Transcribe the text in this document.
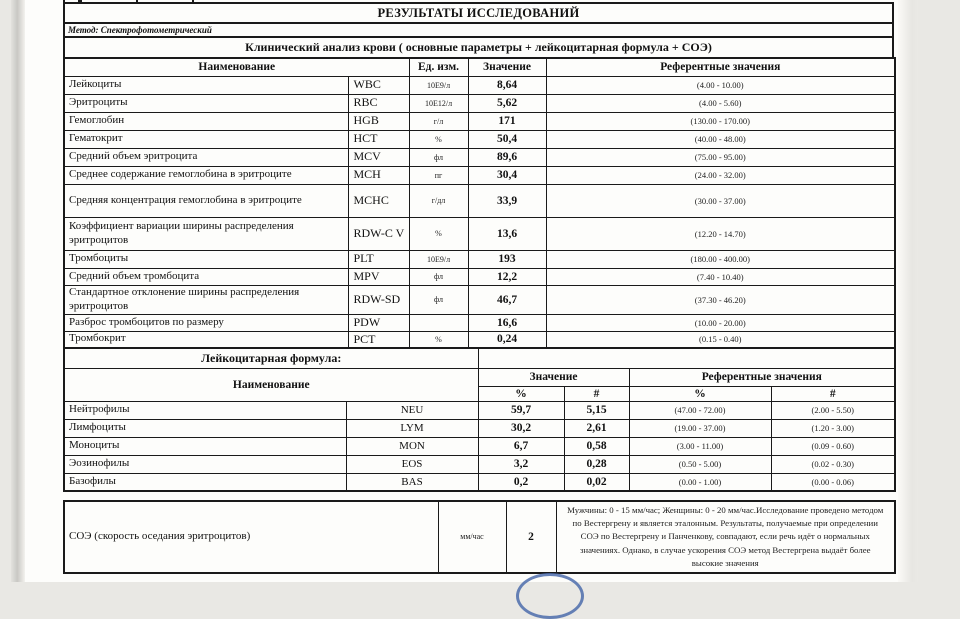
РЕЗУЛЬТАТЫ ИССЛЕДОВАНИЙ
Метод: Спектрофотометрический
Клинический анализ крови ( основные параметры + лейкоцитарная формула + СОЭ)
Наименование		Ед. изм.	Значение	Референтные значения
Лейкоциты	WBC	10E9/л	8,64	(4.00 - 10.00)
Эритроциты	RBC	10E12/л	5,62	(4.00 - 5.60)
Гемоглобин	HGB	г/л	171	(130.00 - 170.00)
Гематокрит	HCT	%	50,4	(40.00 - 48.00)
Средний объем эритроцита	MCV	фл	89,6	(75.00 - 95.00)
Среднее содержание гемоглобина в эритроците	MCH	пг	30,4	(24.00 - 32.00)
Средняя концентрация гемоглобина в эритроците	MCHC	г/дл	33,9	(30.00 - 37.00)
Коэффициент вариации ширины распределения эритроцитов	RDW-C V	%	13,6	(12.20 - 14.70)
Тромбоциты	PLT	10E9/л	193	(180.00 - 400.00)
Средний объем тромбоцита	MPV	фл	12,2	(7.40 - 10.40)
Стандартное отклонение ширины распределения эритроцитов	RDW-SD	фл	46,7	(37.30 - 46.20)
Разброс тромбоцитов по размеру	PDW		16,6	(10.00 - 20.00)
Тромбокрит	PCT	%	0,24	(0.15 - 0.40)
Лейкоцитарная формула:					
Наименование		Значение		Референтные значения	
		%	#	%	#
Нейтрофилы	NEU	59,7	5,15	(47.00 - 72.00)	(2.00 - 5.50)
Лимфоциты	LYM	30,2	2,61	(19.00 - 37.00)	(1.20 - 3.00)
Моноциты	MON	6,7	0,58	(3.00 - 11.00)	(0.09 - 0.60)
Эозинофилы	EOS	3,2	0,28	(0.50 - 5.00)	(0.02 - 0.30)
Базофилы	BAS	0,2	0,02	(0.00 - 1.00)	(0.00 - 0.06)
СОЭ (скорость оседания эритроцитов)	мм/час	2	Мужчины: 0 - 15 мм/час; Женщины: 0 - 20 мм/час.Исследование проведено методом по Вестергрену и является эталонным. Результаты, получаемые при определении СОЭ по Вестергрену и Панченкову, совпадают, если речь идёт о нормальных значениях. Однако, в случае ускорения СОЭ метод Вестергрена выдаёт более высокие значения
